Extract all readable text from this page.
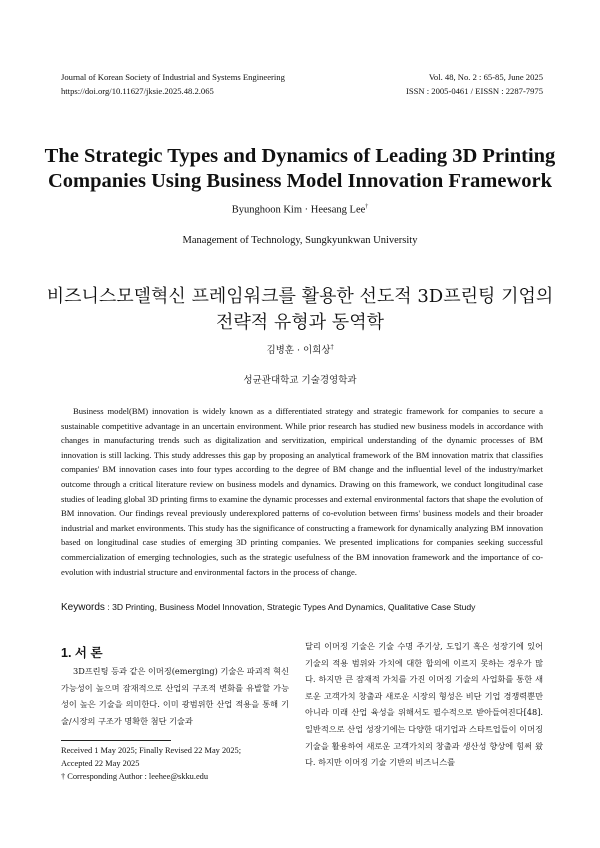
Journal of Korean Society of Industrial and Systems Engineering
https://doi.org/10.11627/jksie.2025.48.2.065
Vol. 48, No. 2 : 65-85, June 2025
ISSN : 2005-0461 / EISSN : 2287-7975
The Strategic Types and Dynamics of Leading 3D Printing
Companies Using Business Model Innovation Framework
Byunghoon Kim · Heesang Lee†
Management of Technology, Sungkyunkwan University
비즈니스모델혁신 프레임워크를 활용한 선도적 3D프린팅 기업의
전략적 유형과 동역학
김병훈 · 이희상†
성균관대학교 기술경영학과

Business model(BM) innovation is widely known as a differentiated strategy and strategic framework for companies to secure a sustainable competitive advantage in an uncertain environment. While prior research has studied new business models in accordance with changes in manufacturing trends such as digitalization and servitization, empirical understanding of the dynamic processes of BM innovation is still lacking. This study addresses this gap by proposing an analytical framework of the BM innovation matrix that classifies companies' BM innovation cases into four types according to the degree of BM change and the influential level of the industry/market outcome through a critical literature review on business models and dynamics. Drawing on this framework, we conduct longitudinal case studies of leading global 3D printing firms to examine the dynamic processes and external environmental factors that shape the evolution of BM innovation. Our findings reveal previously underexplored patterns of co-evolution between firms' business models and their broader industrial and market environments. This study has the significance of constructing a framework for dynamically analyzing BM innovation based on longitudinal case studies of emerging 3D printing companies. We presented implications for companies seeking successful commercialization of emerging technologies, such as the strategic usefulness of the BM innovation framework and the importance of co-evolution with industrial structure and environmental factors in the process of change.

Keywords : 3D Printing, Business Model Innovation, Strategic Types And Dynamics, Qualitative Case Study
1. 서 론

3D프린팅 등과 같은 이머징(emerging) 기술은 파괴적 혁신 가능성이 높으며 잠재적으로 산업의 구조적 변화를 유발할 가능성이 높은 기술을 의미한다. 이미 광범위한 산업 적용을 통해 기술/시장의 구조가 명확한 첨단 기술과

Received 1 May 2025; Finally Revised 22 May 2025;
Accepted 22 May 2025
† Corresponding Author : leehee@skku.edu

달리 이머징 기술은 기술 수명 주기상, 도입기 혹은 성장기에 있어 기술의 적용 범위와 가치에 대한 합의에 이르지 못하는 경우가 많다. 하지만 큰 잠재적 가치를 가진 이머징 기술의 사업화를 통한 새로운 고객가치 창출과 새로운 시장의 형성은 비단 기업 경쟁력뿐만 아니라 미래 산업 육성을 위해서도 필수적으로 받아들여진다[48]. 일반적으로 산업 성장기에는 다양한 대기업과 스타트업들이 이머징 기술을 활용하여 새로운 고객가치의 창출과 생산성 향상에 힘써 왔다. 하지만 이머징 기술 기반의 비즈니스를
